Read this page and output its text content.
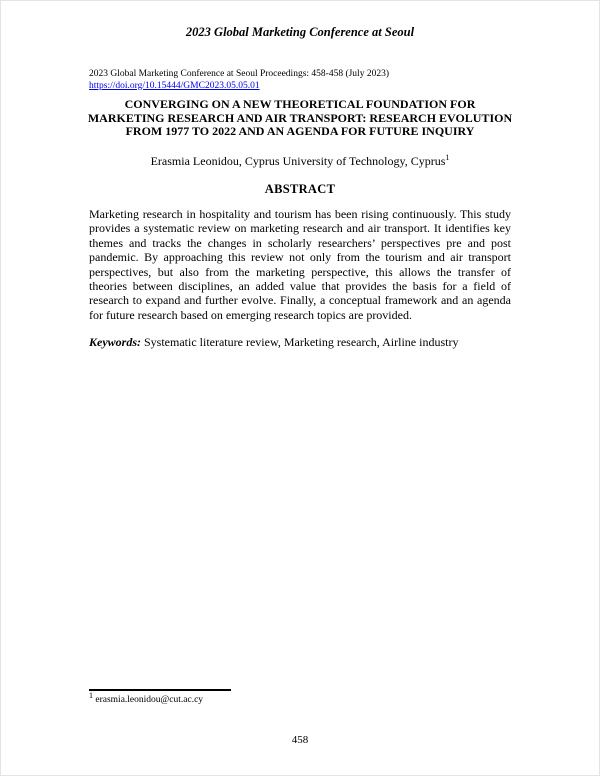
2023 Global Marketing Conference at Seoul
2023 Global Marketing Conference at Seoul Proceedings: 458-458 (July 2023)
https://doi.org/10.15444/GMC2023.05.05.01
CONVERGING ON A NEW THEORETICAL FOUNDATION FOR
MARKETING RESEARCH AND AIR TRANSPORT: RESEARCH EVOLUTION
FROM 1977 TO 2022 AND AN AGENDA FOR FUTURE INQUIRY
Erasmia Leonidou, Cyprus University of Technology, Cyprus$^1$
ABSTRACT
Marketing research in hospitality and tourism has been rising continuously. This study provides a systematic review on marketing research and air transport. It identifies key themes and tracks the changes in scholarly researchers’ perspectives pre and post pandemic. By approaching this review not only from the tourism and air transport perspectives, but also from the marketing perspective, this allows the transfer of theories between disciplines, an added value that provides the basis for a field of research to expand and further evolve. Finally, a conceptual framework and an agenda for future research based on emerging research topics are provided.
Keywords: Systematic literature review, Marketing research, Airline industry
$^1$ erasmia.leonidou@cut.ac.cy
458
